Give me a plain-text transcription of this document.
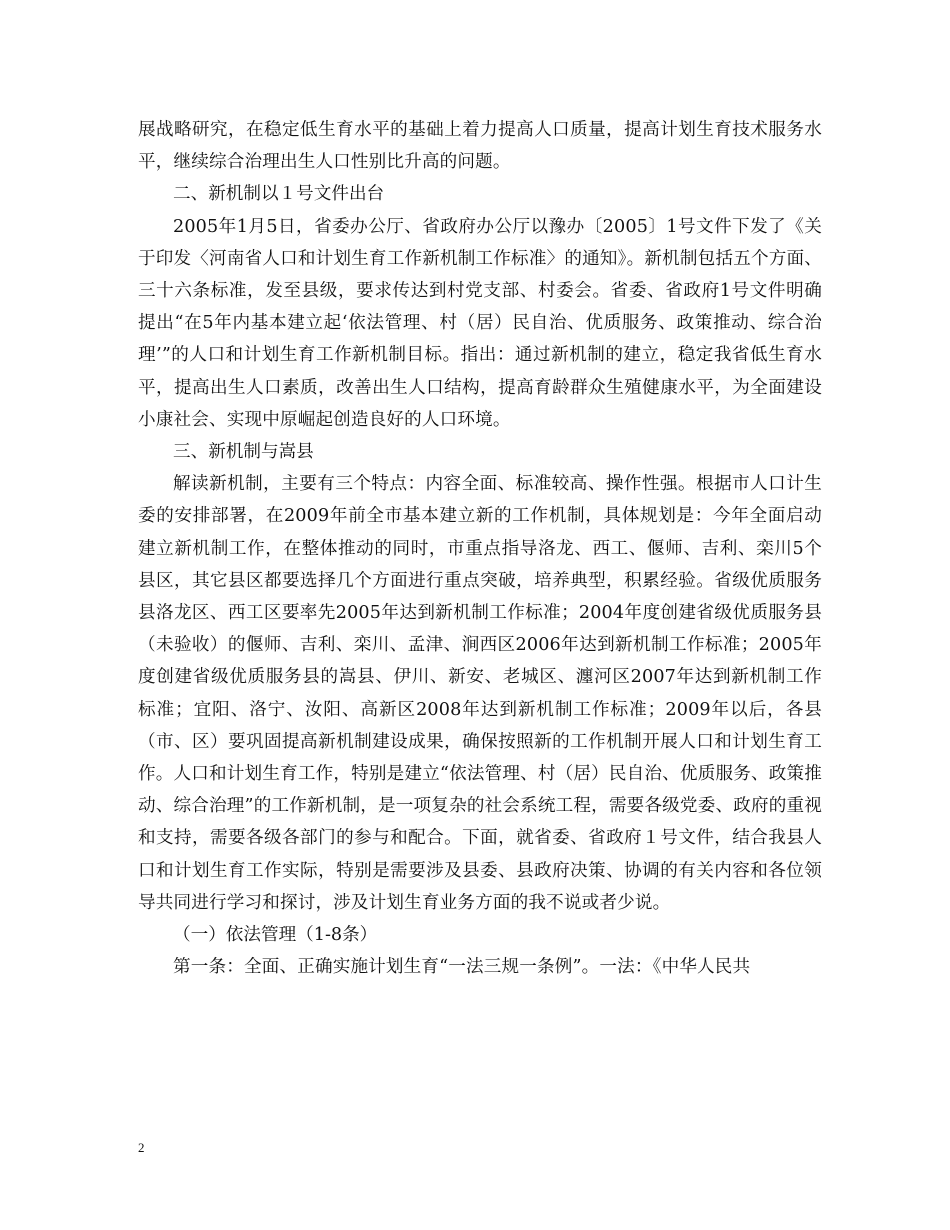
展战略研究，在稳定低生育水平的基础上着力提高人口质量，提高计划生育技术服务水平，继续综合治理出生人口性别比升高的问题。

二、新机制以１号文件出台

2005年1月5日，省委办公厅、省政府办公厅以豫办〔2005〕1号文件下发了《关于印发〈河南省人口和计划生育工作新机制工作标准〉的通知》。新机制包括五个方面、三十六条标准，发至县级，要求传达到村党支部、村委会。省委、省政府1号文件明确提出“在5年内基本建立起‘依法管理、村（居）民自治、优质服务、政策推动、综合治理’”的人口和计划生育工作新机制目标。指出：通过新机制的建立，稳定我省低生育水平，提高出生人口素质，改善出生人口结构，提高育龄群众生殖健康水平，为全面建设小康社会、实现中原崛起创造良好的人口环境。

三、新机制与嵩县

解读新机制，主要有三个特点：内容全面、标准较高、操作性强。根据市人口计生委的安排部署，在2009年前全市基本建立新的工作机制，具体规划是：今年全面启动建立新机制工作，在整体推动的同时，市重点指导洛龙、西工、偃师、吉利、栾川5个县区，其它县区都要选择几个方面进行重点突破，培养典型，积累经验。省级优质服务县洛龙区、西工区要率先2005年达到新机制工作标准；2004年度创建省级优质服务县（未验收）的偃师、吉利、栾川、孟津、涧西区2006年达到新机制工作标准；2005年度创建省级优质服务县的嵩县、伊川、新安、老城区、瀍河区2007年达到新机制工作标准；宜阳、洛宁、汝阳、高新区2008年达到新机制工作标准；2009年以后，各县（市、区）要巩固提高新机制建设成果，确保按照新的工作机制开展人口和计划生育工作。人口和计划生育工作，特别是建立“依法管理、村（居）民自治、优质服务、政策推动、综合治理”的工作新机制，是一项复杂的社会系统工程，需要各级党委、政府的重视和支持，需要各级各部门的参与和配合。下面，就省委、省政府１号文件，结合我县人口和计划生育工作实际，特别是需要涉及县委、县政府决策、协调的有关内容和各位领导共同进行学习和探讨，涉及计划生育业务方面的我不说或者少说。

（一）依法管理（1-8条）

第一条：全面、正确实施计划生育“一法三规一条例”。一法：《中华人民共

2
